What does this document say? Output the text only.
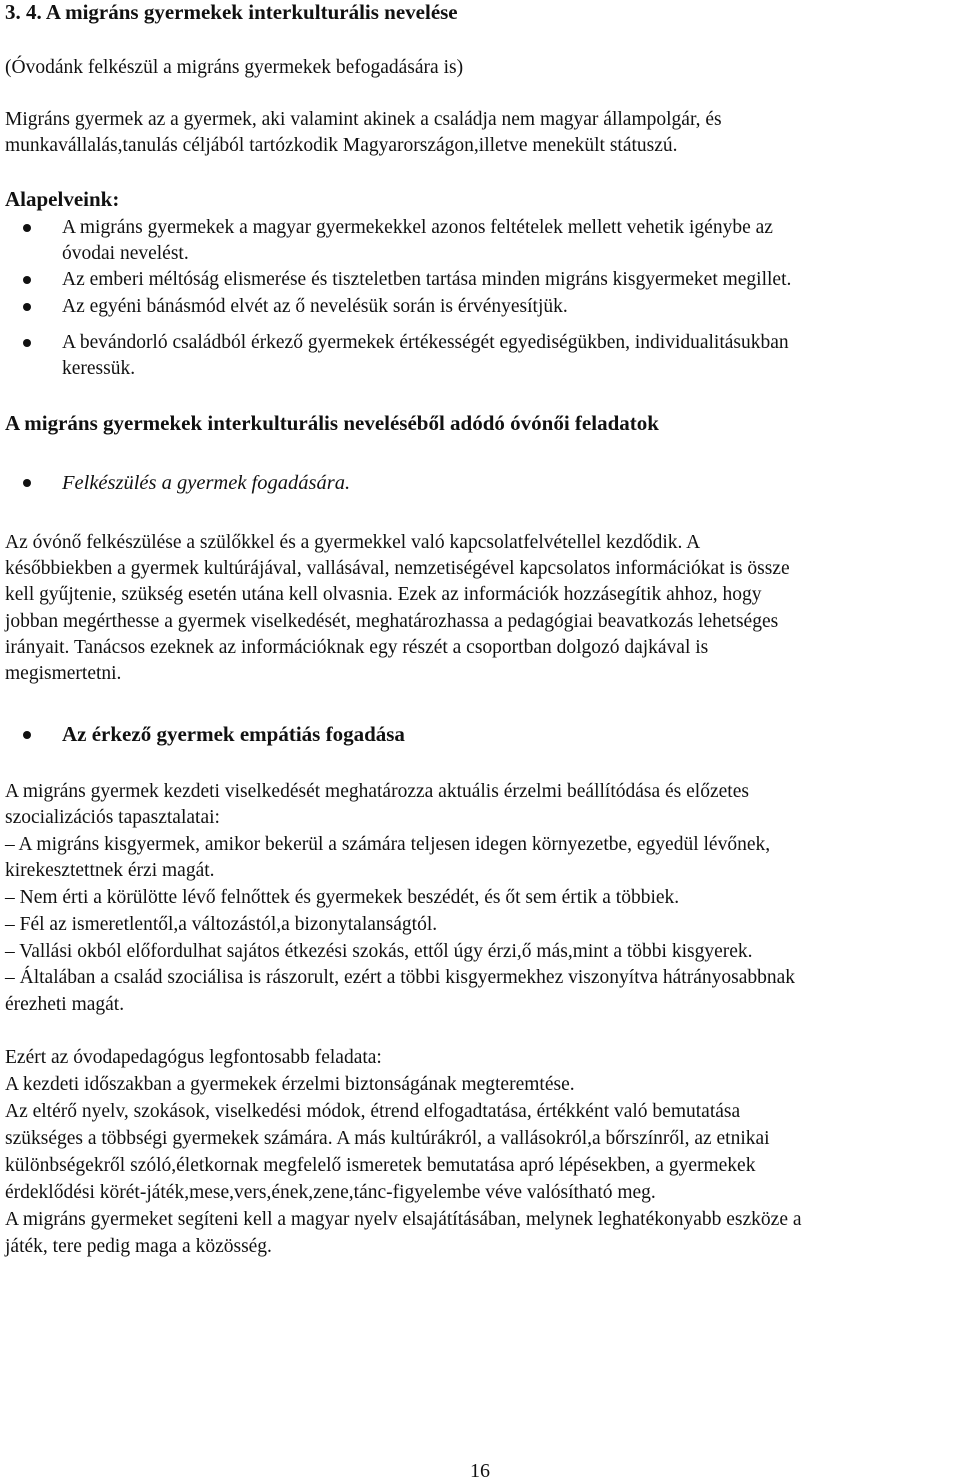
3. 4. A migráns gyermekek interkulturális nevelése
(Óvodánk felkészül a migráns gyermekek befogadására is)
Migráns gyermek az a gyermek, aki valamint akinek a családja nem magyar állampolgár, és
munkavállalás,tanulás céljából tartózkodik Magyarországon,illetve menekült státuszú.
Alapelveink:
A migráns gyermekek a magyar gyermekekkel azonos feltételek mellett vehetik igénybe az
óvodai nevelést.
Az emberi méltóság elismerése és tiszteletben tartása minden migráns kisgyermeket megillet.
Az egyéni bánásmód elvét az ő nevelésük során is érvényesítjük.
A bevándorló családból érkező gyermekek értékességét egyediségükben, individualitásukban
keressük.
A migráns gyermekek interkulturális neveléséből adódó óvónői feladatok
Felkészülés a gyermek fogadására.
Az óvónő felkészülése a szülőkkel és a gyermekkel való kapcsolatfelvétellel kezdődik. A
későbbiekben a gyermek kultúrájával, vallásával, nemzetiségével kapcsolatos információkat is össze
kell gyűjtenie, szükség esetén utána kell olvasnia. Ezek az információk hozzásegítik ahhoz, hogy
jobban megérthesse a gyermek viselkedését, meghatározhassa a pedagógiai beavatkozás lehetséges
irányait. Tanácsos ezeknek az információknak egy részét a csoportban dolgozó dajkával is
megismertetni.
Az érkező gyermek empátiás fogadása
A migráns gyermek kezdeti viselkedését meghatározza aktuális érzelmi beállítódása és előzetes
szocializációs tapasztalatai:
– A migráns kisgyermek, amikor bekerül a számára teljesen idegen környezetbe, egyedül lévőnek,
kirekesztettnek érzi magát.
– Nem érti a körülötte lévő felnőttek és gyermekek beszédét, és őt sem értik a többiek.
– Fél az ismeretlentől,a változástól,a bizonytalanságtól.
– Vallási okból előfordulhat sajátos étkezési szokás, ettől úgy érzi,ő más,mint a többi kisgyerek.
– Általában a család szociálisa is rászorult, ezért a többi kisgyermekhez viszonyítva hátrányosabbnak
érezheti magát.
Ezért az óvodapedagógus legfontosabb feladata:
A kezdeti időszakban a gyermekek érzelmi biztonságának megteremtése.
Az eltérő nyelv, szokások, viselkedési módok, étrend elfogadtatása, értékként való bemutatása
szükséges a többségi gyermekek számára. A más kultúrákról, a vallásokról,a bőrszínről, az etnikai
különbségekről szóló,életkornak megfelelő ismeretek bemutatása apró lépésekben, a gyermekek
érdeklődési körét-játék,mese,vers,ének,zene,tánc-figyelembe véve valósítható meg.
A migráns gyermeket segíteni kell a magyar nyelv elsajátításában, melynek leghatékonyabb eszköze a
játék, tere pedig maga a közösség.
16
